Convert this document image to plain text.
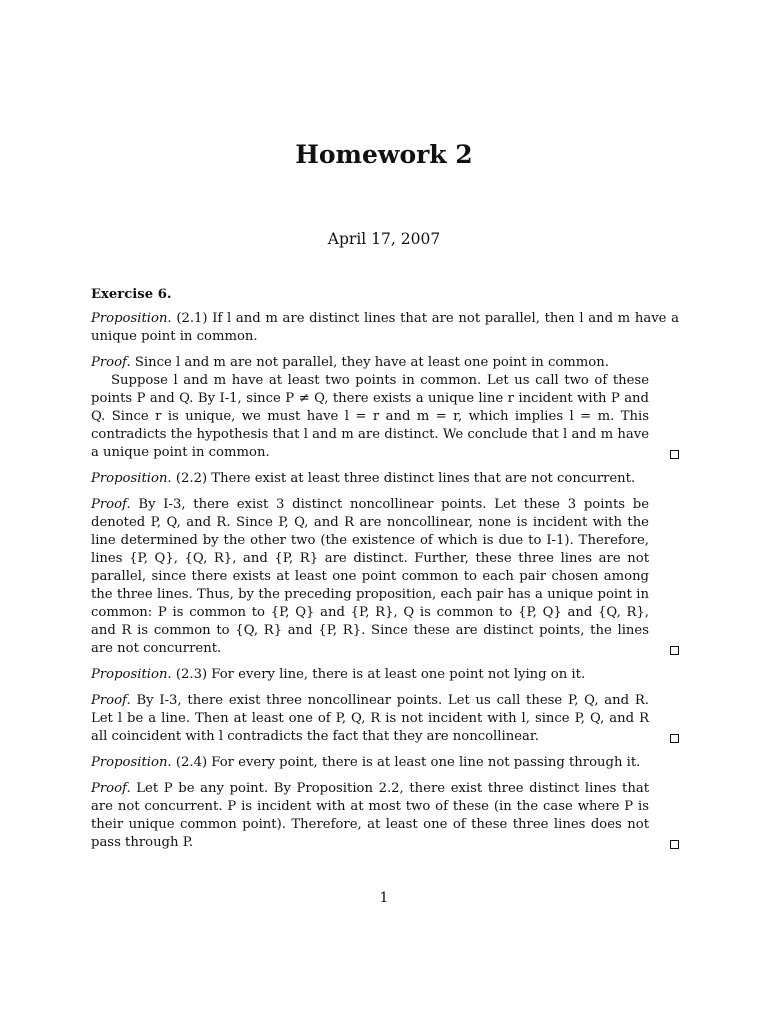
Homework 2
April 17, 2007
Exercise 6.
Proposition. (2.1) If l and m are distinct lines that are not parallel, then l and m have a unique point in common.

Proof. Since l and m are not parallel, they have at least one point in common.

Suppose l and m have at least two points in common. Let us call two of these points P and Q. By I-1, since P ≠ Q, there exists a unique line r incident with P and Q. Since r is unique, we must have l = r and m = r, which implies l = m. This contradicts the hypothesis that l and m are distinct. We conclude that l and m have a unique point in common.

Proposition. (2.2) There exist at least three distinct lines that are not concurrent.

Proof. By I-3, there exist 3 distinct noncollinear points. Let these 3 points be denoted P, Q, and R. Since P, Q, and R are noncollinear, none is incident with the line determined by the other two (the existence of which is due to I-1). Therefore, lines {P, Q}, {Q, R}, and {P, R} are distinct. Further, these three lines are not parallel, since there exists at least one point common to each pair chosen among the three lines. Thus, by the preceding proposition, each pair has a unique point in common: P is common to {P, Q} and {P, R}, Q is common to {P, Q} and {Q, R}, and R is common to {Q, R} and {P, R}. Since these are distinct points, the lines are not concurrent.

Proposition. (2.3) For every line, there is at least one point not lying on it.

Proof. By I-3, there exist three noncollinear points. Let us call these P, Q, and R. Let l be a line. Then at least one of P, Q, R is not incident with l, since P, Q, and R all coincident with l contradicts the fact that they are noncollinear.

Proposition. (2.4) For every point, there is at least one line not passing through it.

Proof. Let P be any point. By Proposition 2.2, there exist three distinct lines that are not concurrent. P is incident with at most two of these (in the case where P is their unique common point). Therefore, at least one of these three lines does not pass through P.

1
